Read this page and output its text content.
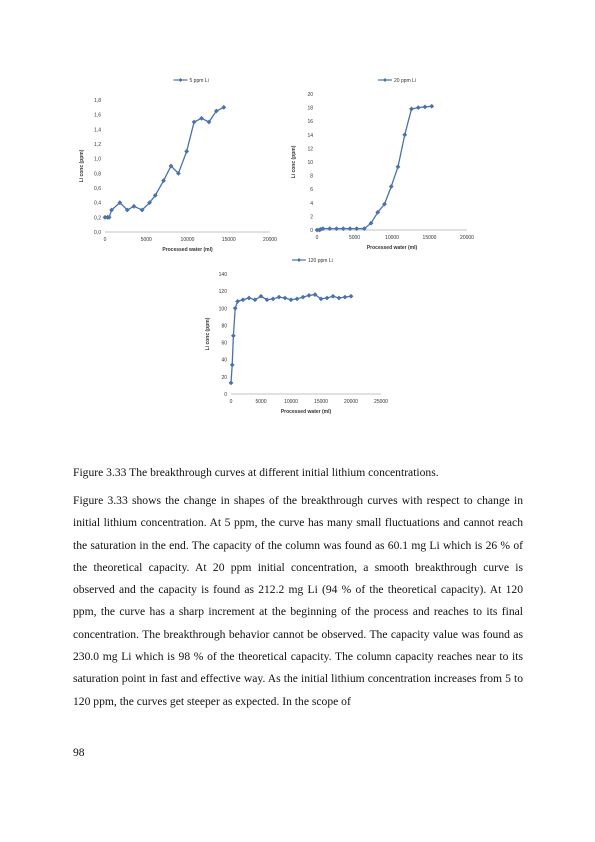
0,0
0,2
0,4
0,6
0,8
1,0
1,2
1,4
1,6
1,8
0	5000	10000	15000	20000
Processed water (ml)
Li conc (ppm)
5 ppm Li
0
2
4
6
8
10
12
14
16
18
20
0	5000	10000	15000	20000
Processed water (ml)
Li conc (ppm)
20 ppm Li
0
20
40
60
80
100
120
140
0	5000	10000	15000	20000	25000
Processed water (ml)
Li conc (ppm)
120 ppm Li
Figure 3.33 The breakthrough curves at different initial lithium concentrations.

Figure 3.33 shows the change in shapes of the breakthrough curves with respect to change in initial lithium concentration. At 5 ppm, the curve has many small fluctuations and cannot reach the saturation in the end. The capacity of the column was found as 60.1 mg Li which is 26 % of the theoretical capacity. At 20 ppm initial concentration, a smooth breakthrough curve is observed and the capacity is found as 212.2 mg Li (94 % of the theoretical capacity). At 120 ppm, the curve has a sharp increment at the beginning of the process and reaches to its final concentration. The breakthrough behavior cannot be observed. The capacity value was found as 230.0 mg Li which is 98 % of the theoretical capacity. The column capacity reaches near to its saturation point in fast and effective way. As the initial lithium concentration increases from 5 to 120 ppm, the curves get steeper as expected. In the scope of

98
